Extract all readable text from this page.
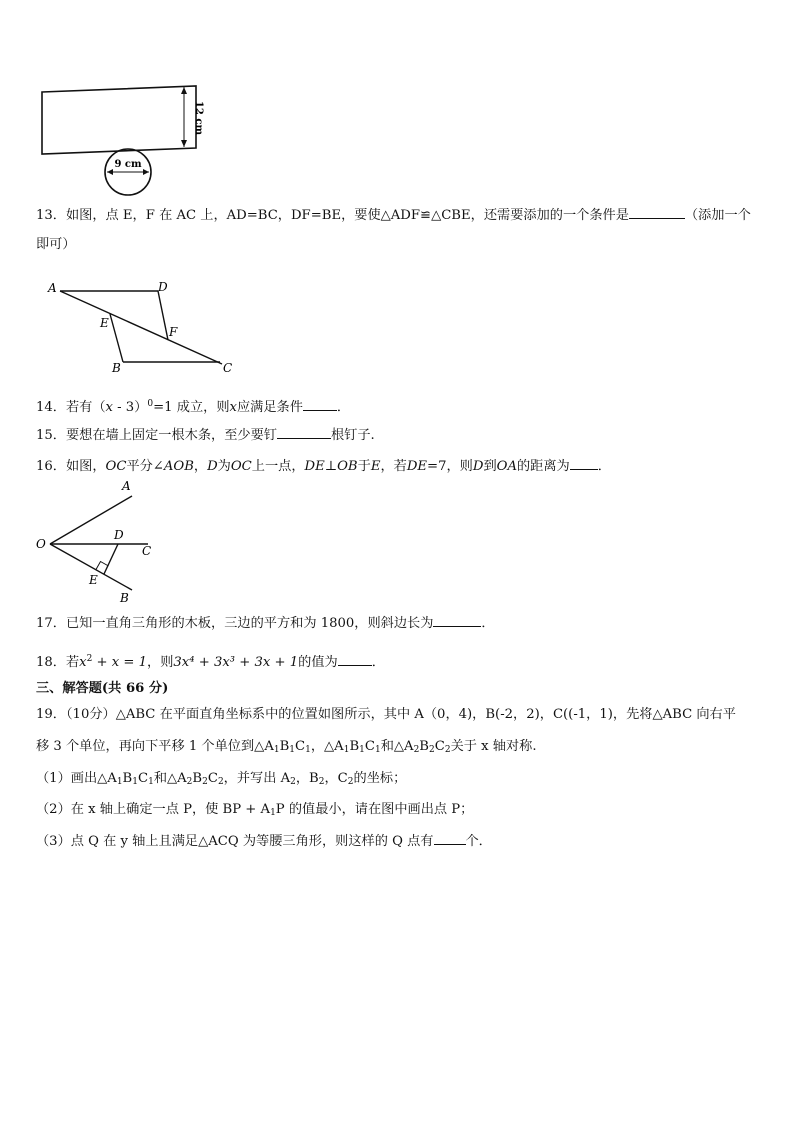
12 cm
9 cm
13．如图，点 E，F 在 AC 上，AD=BC，DF=BE，要使△ADF≌△CBE，还需要添加的一个条件是	（添加一个
即可）
A	D
E
F
B	C
14．若有（x - 3）$^0$=1 成立，则x应满足条件	．
15．要想在墙上固定一根木条，至少要钉	根钉子.
16．如图，OC平分∠AOB，D为OC上一点，DE⊥OB于E，若DE=7，则D到OA的距离为 ．
A
O
D
C
E
B
17．已知一直角三角形的木板，三边的平方和为 1800，则斜边长为	．
18．若$x^2 + x = 1$，则3x⁴ + 3x³ + 3x + 1的值为	．
三、解答题(共 66 分)
19．（10分）△ABC 在平面直角坐标系中的位置如图所示，其中 A（0，4)，B(-2，2)，C((-1，1)，先将△ABC 向右平
移 3 个单位，再向下平移 1 个单位到$\triangle A_1B_1C_1$，$\triangle A_1B_1C_1$和$\triangle A_2B_2C_2$关于 x 轴对称.
（1）画出$\triangle A_1B_1C_1$和$\triangle A_2B_2C_2$，并写出 $A_2$，$B_2$，$C_2$的坐标；
（2）在 x 轴上确定一点 P，使 BP + $A_1P$ 的值最小，请在图中画出点 P；
（3）点 Q 在 y 轴上且满足△ACQ 为等腰三角形，则这样的 Q 点有 个．
